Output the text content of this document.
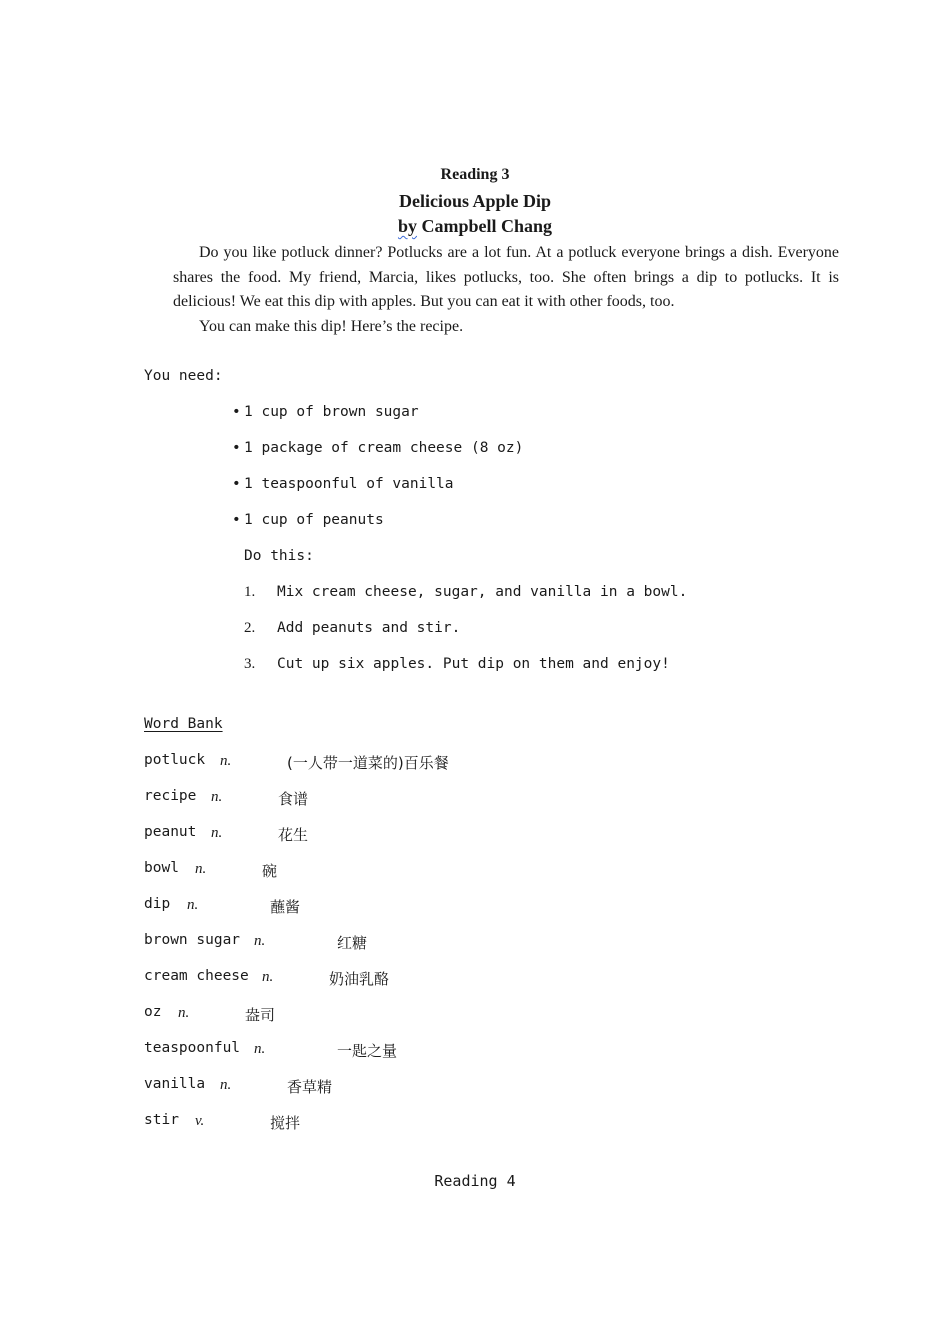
Reading 3
Delicious Apple Dip
by Campbell Chang

Do you like potluck dinner? Potlucks are a lot fun. At a potluck everyone brings a dish. Everyone shares the food. My friend, Marcia, likes potlucks, too. She often brings a dip to potlucks. It is delicious! We eat this dip with apples. But you can eat it with other foods, too.

You can make this dip! Here’s the recipe.

You need:
• 1 cup of brown sugar
• 1 package of cream cheese (8 oz)
• 1 teaspoonful of vanilla
• 1 cup of peanuts
Do this:
1. Mix cream cheese, sugar, and vanilla in a bowl.
2. Add peanuts and stir.
3. Cut up six apples. Put dip on them and enjoy!
Word Bank
potluck n.	(一人带一道菜的)百乐餐
recipe n.	食谱
peanut n.	花生
bowl n.	碗
dip n.	蘸酱
brown sugar n.	红糖
cream cheese n.	奶油乳酪
oz n.	盎司
teaspoonful n.	一匙之量
vanilla n.	香草精
stir v.	搅拌
Reading 4
